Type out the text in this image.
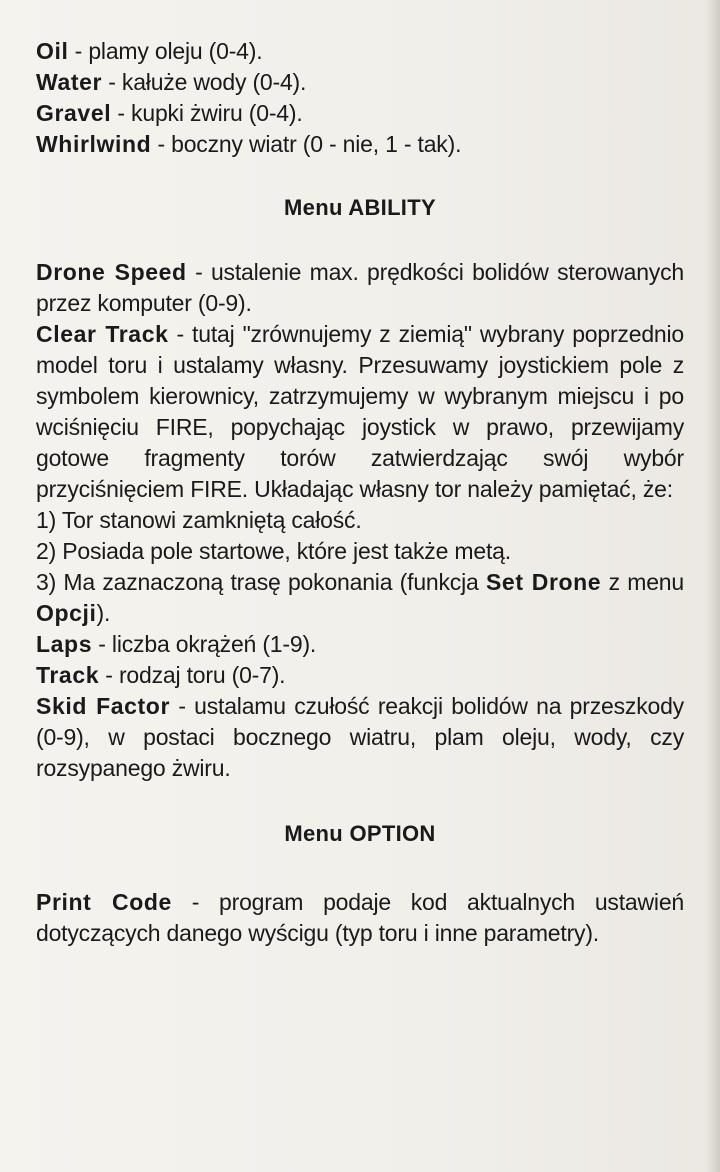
Oil - plamy oleju (0-4).

Water - kałuże wody (0-4).

Gravel - kupki żwiru (0-4).

Whirlwind - boczny wiatr (0 - nie, 1 - tak).

Menu ABILITY

Drone Speed - ustalenie max. prędkości bolidów sterowanych przez komputer (0-9).

Clear Track - tutaj "zrównujemy z ziemią" wybrany poprzednio model toru i ustalamy własny. Przesuwamy joystickiem pole z symbolem kierownicy, zatrzymujemy w wybranym miejscu i po wciśnięciu FIRE, popychając joystick w prawo, przewijamy gotowe fragmenty torów zatwierdzając swój wybór przyciśnięciem FIRE. Układając własny tor należy pamiętać, że:

1) Tor stanowi zamkniętą całość.

2) Posiada pole startowe, które jest także metą.

3) Ma zaznaczoną trasę pokonania (funkcja Set Drone z menu Opcji).

Laps - liczba okrążeń (1-9).

Track - rodzaj toru (0-7).

Skid Factor - ustalamu czułość reakcji bolidów na przeszkody (0-9), w postaci bocznego wiatru, plam oleju, wody, czy rozsypanego żwiru.

Menu OPTION

Print Code - program podaje kod aktualnych ustawień dotyczących danego wyścigu (typ toru i inne parametry).
